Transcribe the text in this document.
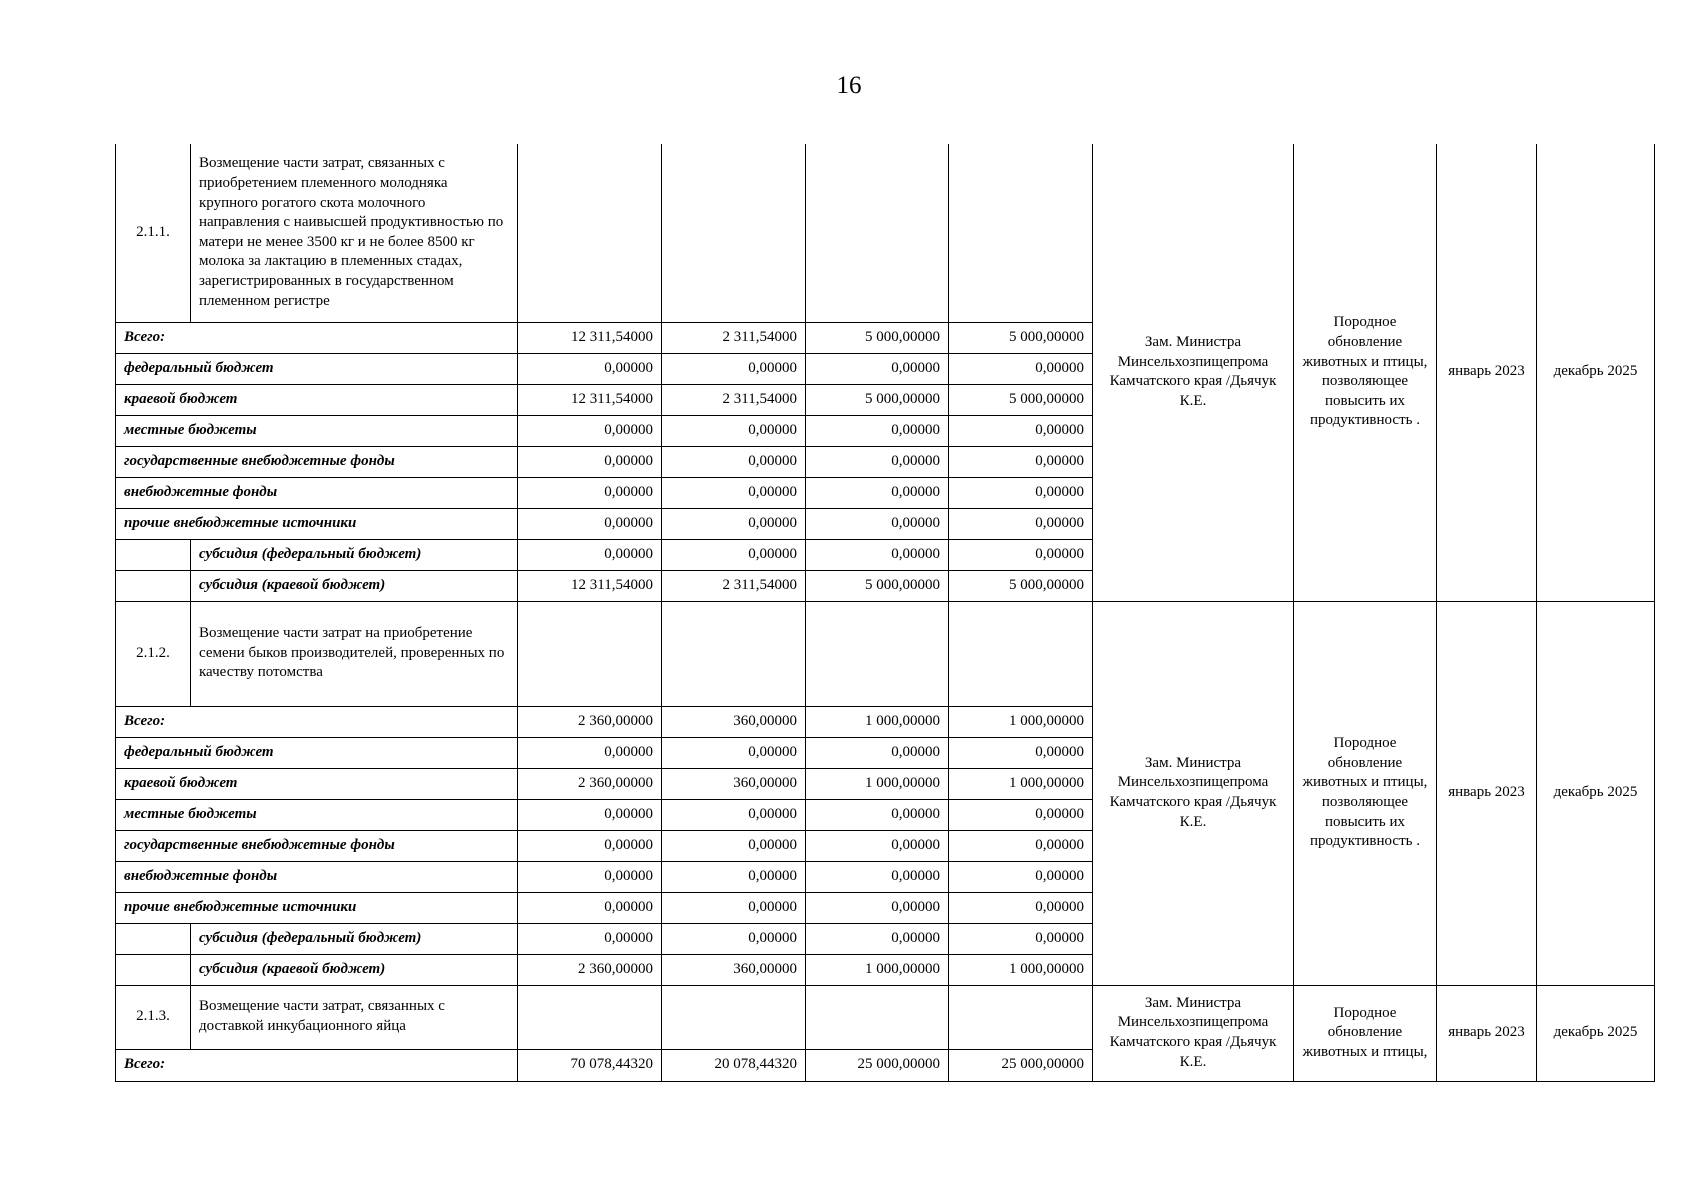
16
2.1.1.	Возмещение части затрат, связанных с приобретением племенного молодняка крупного рогатого скота молочного направления с наивысшей продуктивностью по матери не менее 3500 кг и не более 8500 кг молока за лактацию в племенных стадах, зарегистрированных в государственном племенном регистре					Зам. Министра Минсельхозпищепрома Камчатского края /Дьячук К.Е.	Породное обновление животных и птицы, позволяющее повысить их продуктивность .	январь 2023	декабрь 2025
Всего:		12 311,54000	2 311,54000	5 000,00000	5 000,00000				
федеральный бюджет		0,00000	0,00000	0,00000	0,00000				
краевой бюджет		12 311,54000	2 311,54000	5 000,00000	5 000,00000				
местные бюджеты		0,00000	0,00000	0,00000	0,00000				
государственные внебюджетные фонды		0,00000	0,00000	0,00000	0,00000				
внебюджетные фонды		0,00000	0,00000	0,00000	0,00000				
прочие внебюджетные источники		0,00000	0,00000	0,00000	0,00000				
	субсидия (федеральный бюджет)	0,00000	0,00000	0,00000	0,00000				
	субсидия (краевой бюджет)	12 311,54000	2 311,54000	5 000,00000	5 000,00000				
2.1.2.	Возмещение части затрат на приобретение семени быков производителей, проверенных по качеству потомства					Зам. Министра Минсельхозпищепрома Камчатского края /Дьячук К.Е.	Породное обновление животных и птицы, позволяющее повысить их продуктивность .	январь 2023	декабрь 2025
Всего:		2 360,00000	360,00000	1 000,00000	1 000,00000				
федеральный бюджет		0,00000	0,00000	0,00000	0,00000				
краевой бюджет		2 360,00000	360,00000	1 000,00000	1 000,00000				
местные бюджеты		0,00000	0,00000	0,00000	0,00000				
государственные внебюджетные фонды		0,00000	0,00000	0,00000	0,00000				
внебюджетные фонды		0,00000	0,00000	0,00000	0,00000				
прочие внебюджетные источники		0,00000	0,00000	0,00000	0,00000				
	субсидия (федеральный бюджет)	0,00000	0,00000	0,00000	0,00000				
	субсидия (краевой бюджет)	2 360,00000	360,00000	1 000,00000	1 000,00000				
2.1.3.	Возмещение части затрат, связанных с доставкой инкубационного яйца					Зам. Министра Минсельхозпищепрома Камчатского края /Дьячук К.Е.	Породное обновление животных и птицы,	январь 2023	декабрь 2025
Всего:		70 078,44320	20 078,44320	25 000,00000	25 000,00000				
